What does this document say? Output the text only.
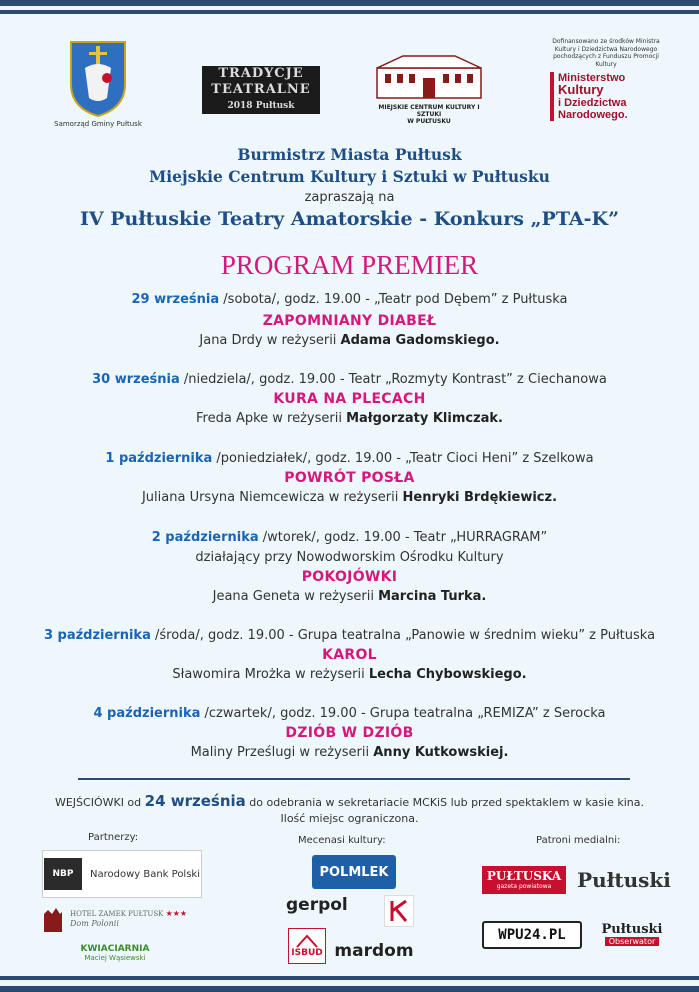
Samorząd Gminy Pułtusk
TRADYCJE
TEATRALNE
2018 Pułtusk	MIEJSKIE CENTRUM KULTURY I SZTUKI
W PUŁTUSKU
Dofinansowano ze środków Ministra Kultury i Dziedzictwa Narodowego pochodzących z Funduszu Promocji Kultury
Ministerstwo
Kultury
i Dziedzictwa
Narodowego.
Burmistrz Miasta Pułtusk
Miejskie Centrum Kultury i Sztuki w Pułtusku
zapraszają na
IV Pułtuskie Teatry Amatorskie - Konkurs „PTA-K”
PROGRAM PREMIER
29 września /sobota/, godz. 19.00 - „Teatr pod Dębem” z Pułtuska
ZAPOMNIANY DIABEŁ
Jana Drdy w reżyserii Adama Gadomskiego.
30 września /niedziela/, godz. 19.00 - Teatr „Rozmyty Kontrast” z Ciechanowa
KURA NA PLECACH
Freda Apke w reżyserii Małgorzaty Klimczak.
1 października /poniedziałek/, godz. 19.00 - „Teatr Cioci Heni” z Szelkowa
POWRÓT POSŁA
Juliana Ursyna Niemcewicza w reżyserii Henryki Brdękiewicz.
2 października /wtorek/, godz. 19.00 - Teatr „HURRAGRAM”
działający przy Nowodworskim Ośrodku Kultury
POKOJÓWKI
Jeana Geneta w reżyserii Marcina Turka.
3 października /środa/, godz. 19.00 - Grupa teatralna „Panowie w średnim wieku” z Pułtuska
KAROL
Sławomira Mrożka w reżyserii Lecha Chybowskiego.
4 października /czwartek/, godz. 19.00 - Grupa teatralna „REMIZA” z Serocka
DZIÓB W DZIÓB
Maliny Prześlugi w reżyserii Anny Kutkowskiej.
WEJŚCIÓWKI od 24 września do odebrania w sekretariacie MCKiS lub przed spektaklem w kasie kina.
Ilość miejsc ograniczona.
Partnerzy:	Mecenasi kultury:	Patroni medialni:
NBP	Narodowy Bank Polski
HOTEL ZAMEK PUŁTUSK ★★★
Dom Polonii
KWIACIARNIA
Maciej Wąsiewski
POLMLEK
gerpol
ISBUD mardom
PUŁTUSKA
gazeta powiatowa Pułtuski
WPU24.PL	Pułtuski
Obserwator
